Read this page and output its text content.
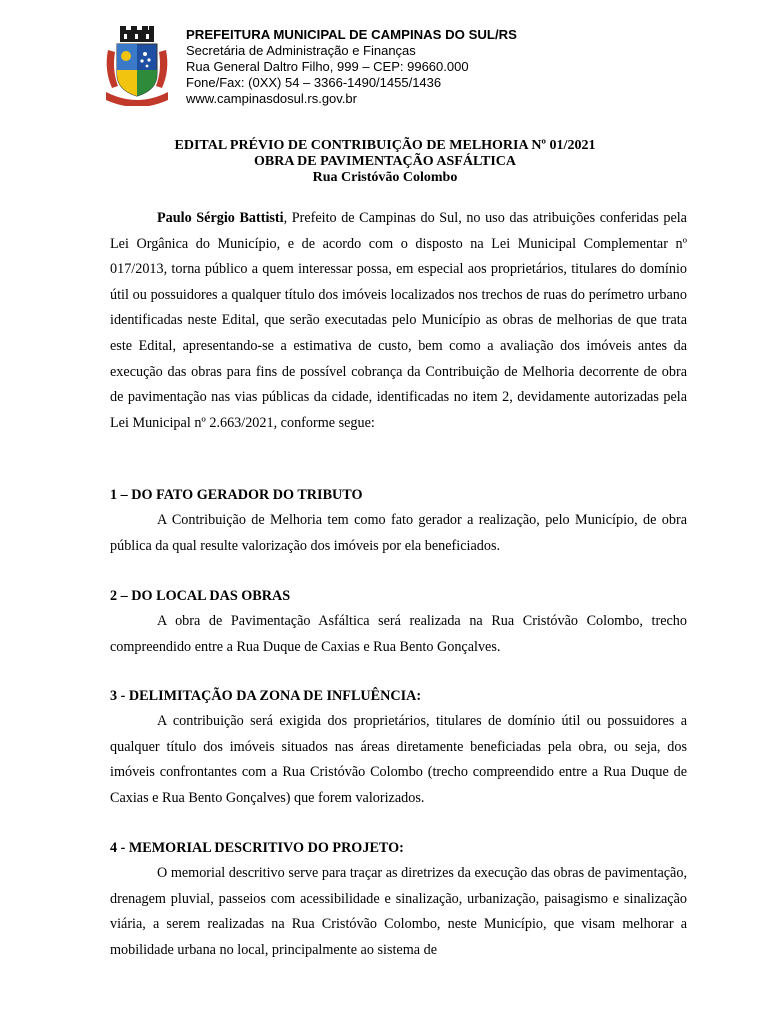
PREFEITURA MUNICIPAL DE CAMPINAS DO SUL/RS
Secretária de Administração e Finanças
Rua General Daltro Filho, 999 – CEP: 99660.000
Fone/Fax: (0XX) 54 – 3366-1490/1455/1436
www.campinasdosul.rs.gov.br
EDITAL PRÉVIO DE CONTRIBUIÇÃO DE MELHORIA Nº 01/2021
OBRA DE PAVIMENTAÇÃO ASFÁLTICA
Rua Cristóvão Colombo

Paulo Sérgio Battisti, Prefeito de Campinas do Sul, no uso das atribuições conferidas pela Lei Orgânica do Município, e de acordo com o disposto na Lei Municipal Complementar nº 017/2013, torna público a quem interessar possa, em especial aos proprietários, titulares do domínio útil ou possuidores a qualquer título dos imóveis localizados nos trechos de ruas do perímetro urbano identificadas neste Edital, que serão executadas pelo Município as obras de melhorias de que trata este Edital, apresentando-se a estimativa de custo, bem como a avaliação dos imóveis antes da execução das obras para fins de possível cobrança da Contribuição de Melhoria decorrente de obra de pavimentação nas vias públicas da cidade, identificadas no item 2, devidamente autorizadas pela Lei Municipal nº 2.663/2021, conforme segue:

1 – DO FATO GERADOR DO TRIBUTO

A Contribuição de Melhoria tem como fato gerador a realização, pelo Município, de obra pública da qual resulte valorização dos imóveis por ela beneficiados.

2 – DO LOCAL DAS OBRAS

A obra de Pavimentação Asfáltica será realizada na Rua Cristóvão Colombo, trecho compreendido entre a Rua Duque de Caxias e Rua Bento Gonçalves.

3 - DELIMITAÇÃO DA ZONA DE INFLUÊNCIA:

A contribuição será exigida dos proprietários, titulares de domínio útil ou possuidores a qualquer título dos imóveis situados nas áreas diretamente beneficiadas pela obra, ou seja, dos imóveis confrontantes com a Rua Cristóvão Colombo (trecho compreendido entre a Rua Duque de Caxias e Rua Bento Gonçalves) que forem valorizados.

4 - MEMORIAL DESCRITIVO DO PROJETO:

O memorial descritivo serve para traçar as diretrizes da execução das obras de pavimentação, drenagem pluvial, passeios com acessibilidade e sinalização, urbanização, paisagismo e sinalização viária, a serem realizadas na Rua Cristóvão Colombo, neste Município, que visam melhorar a mobilidade urbana no local, principalmente ao sistema de
